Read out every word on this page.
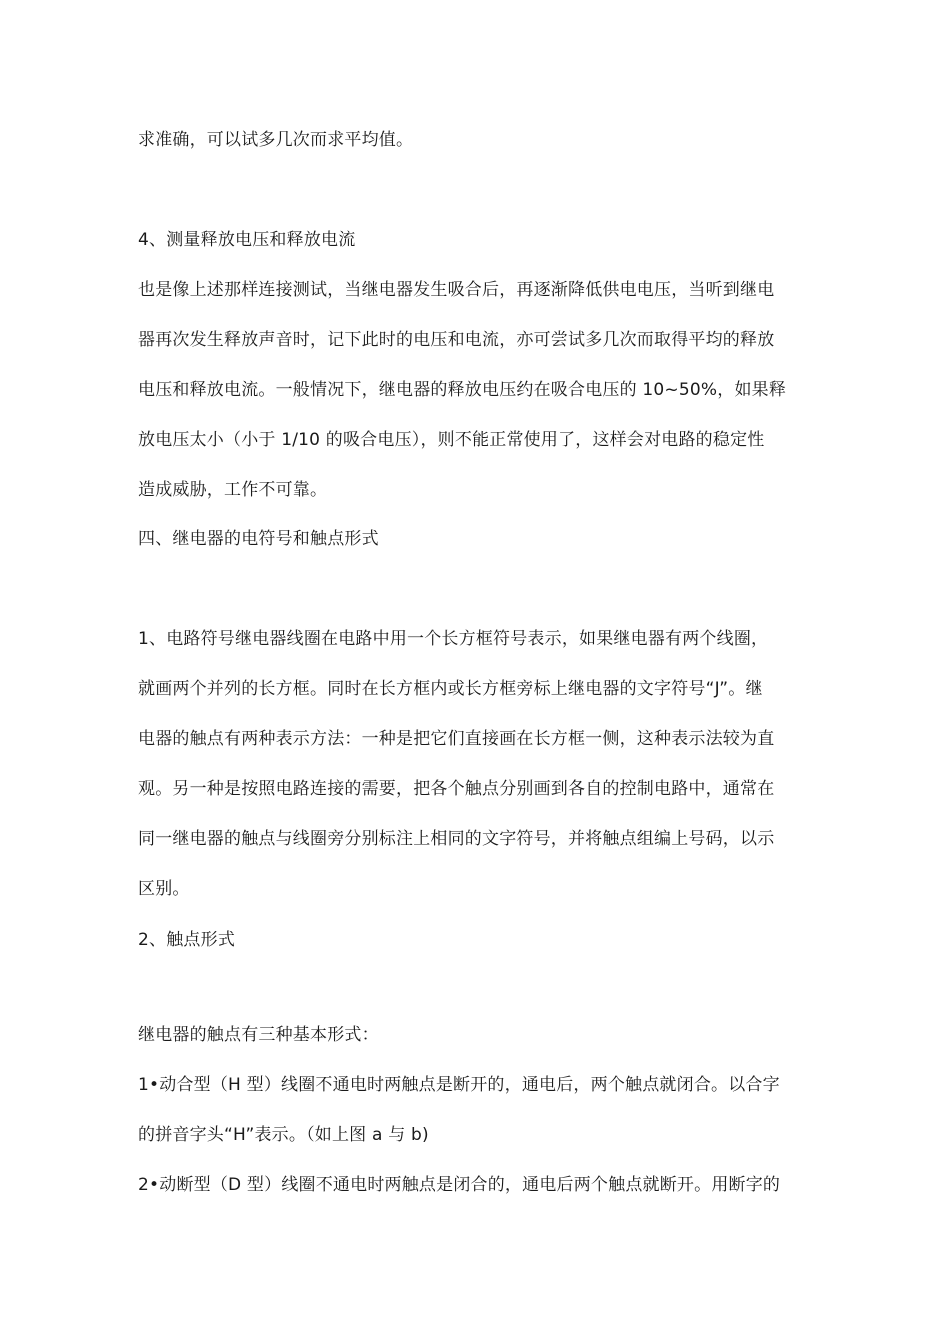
求准确，可以试多几次而求平均值。
4、测量释放电压和释放电流
也是像上述那样连接测试，当继电器发生吸合后，再逐渐降低供电电压，当听到继电
器再次发生释放声音时，记下此时的电压和电流，亦可尝试多几次而取得平均的释放
电压和释放电流。一般情况下，继电器的释放电压约在吸合电压的 10~50%，如果释
放电压太小（小于 1/10 的吸合电压），则不能正常使用了，这样会对电路的稳定性
造成威胁，工作不可靠。
四、继电器的电符号和触点形式
1、电路符号继电器线圈在电路中用一个长方框符号表示，如果继电器有两个线圈，
就画两个并列的长方框。同时在长方框内或长方框旁标上继电器的文字符号“J”。继
电器的触点有两种表示方法：一种是把它们直接画在长方框一侧，这种表示法较为直
观。另一种是按照电路连接的需要，把各个触点分别画到各自的控制电路中，通常在
同一继电器的触点与线圈旁分别标注上相同的文字符号，并将触点组编上号码，以示
区别。
2、触点形式
继电器的触点有三种基本形式：
1•动合型（H 型）线圈不通电时两触点是断开的，通电后，两个触点就闭合。以合字
的拼音字头“H”表示。（如上图 a 与 b)
2•动断型（D 型）线圈不通电时两触点是闭合的，通电后两个触点就断开。用断字的
